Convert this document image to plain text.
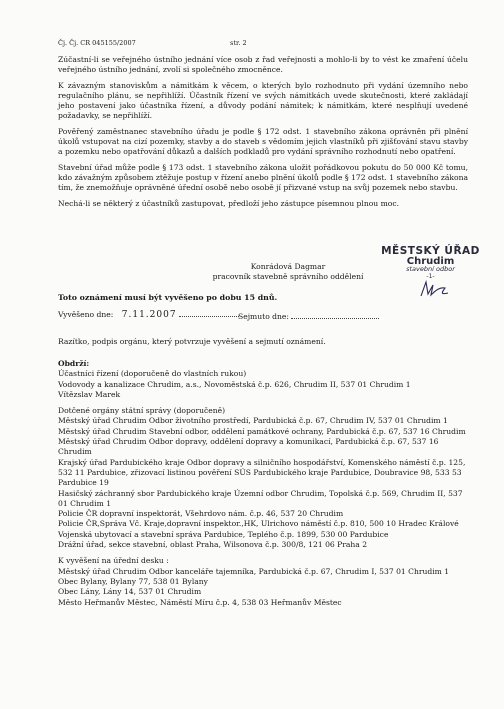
Čj. Čj. CR 045155/2007	str. 2

Zúčastní-li se veřejného ústního jednání více osob z řad veřejnosti a mohlo-li by to vést ke zmaření účelu veřejného ústního jednání, zvolí si společného zmocněnce.

K závazným stanoviskům a námitkám k věcem, o kterých bylo rozhodnuto při vydání územního nebo regulačního plánu, se nepřihlíží. Účastník řízení ve svých námitkách uvede skutečnosti, které zakládají jeho postavení jako účastníka řízení, a důvody podání námitek; k námitkám, které nesplňují uvedené požadavky, se nepřihlíží.

Pověřený zaměstnanec stavebního úřadu je podle § 172 odst. 1 stavebního zákona oprávněn při plnění úkolů vstupovat na cizí pozemky, stavby a do staveb s vědomím jejich vlastníků při zjišťování stavu stavby a pozemku nebo opatřování důkazů a dalších podkladů pro vydání správního rozhodnutí nebo opatření.

Stavební úřad může podle § 173 odst. 1 stavebního zákona uložit pořádkovou pokutu do 50 000 Kč tomu, kdo závažným způsobem ztěžuje postup v řízení anebo plnění úkolů podle § 172 odst. 1 stavebního zákona tím, že znemožňuje oprávněné úřední osobě nebo osobě jí přizvané vstup na svůj pozemek nebo stavbu.

Nechá-li se některý z účastníků zastupovat, předloží jeho zástupce písemnou plnou moc.

MĚSTSKÝ ÚŘAD
Chrudim
stavební odbor
-1-
Konrádová Dagmar
pracovník stavebně správního oddělení
Toto oznámení musí být vyvěšeno po dobu 15 dnů.
Vyvěšeno dne: 7.11.2007	Sejmuto dne:
Razítko, podpis orgánu, který potvrzuje vyvěšení a sejmutí oznámení.

Obdrží:

Účastníci řízení (doporučeně do vlastních rukou)

Vodovody a kanalizace Chrudim, a.s., Novoměstská č.p. 626, Chrudim II, 537 01 Chrudim 1

Vítězslav Marek

Dotčené orgány státní správy (doporučeně)

Městský úřad Chrudim Odbor životního prostředí, Pardubická č.p. 67, Chrudim IV, 537 01 Chrudim 1

Městský úřad Chrudim Stavební odbor, oddělení památkové ochrany, Pardubická č.p. 67, 537 16 Chrudim

Městský úřad Chrudim Odbor dopravy, oddělení dopravy a komunikací, Pardubická č.p. 67, 537 16 Chrudim

Krajský úřad Pardubického kraje Odbor dopravy a silničního hospodářství, Komenského náměstí č.p. 125, 532 11 Pardubice, zřizovací listinou pověření SÚS Pardubického kraje Pardubice, Doubravice 98, 533 53 Pardubice 19

Hasičský záchranný sbor Pardubického kraje Územní odbor Chrudim, Topolská č.p. 569, Chrudim II, 537 01 Chrudim 1

Policie ČR dopravní inspektorát, Všehrdovo nám. č.p. 46, 537 20 Chrudim

Policie ČR,Správa Vč. Kraje,dopravní inspektor.,HK, Ulrichovo náměstí č.p. 810, 500 10 Hradec Králové

Vojenská ubytovací a stavební správa Pardubice, Teplého č.p. 1899, 530 00 Pardubice

Drážní úřad, sekce stavební, oblast Praha, Wilsonova č.p. 300/8, 121 06 Praha 2

K vyvěšení na úřední desku :

Městský úřad Chrudim Odbor kanceláře tajemníka, Pardubická č.p. 67, Chrudim I, 537 01 Chrudim 1

Obec Bylany, Bylany 77, 538 01 Bylany

Obec Lány, Lány 14, 537 01 Chrudim

Město Heřmanův Městec, Náměstí Míru č.p. 4, 538 03 Heřmanův Městec
